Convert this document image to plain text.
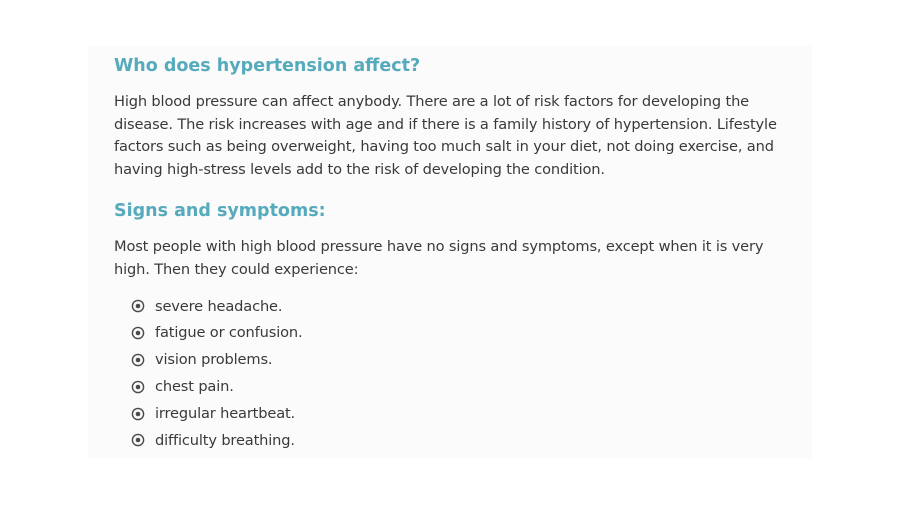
Who does hypertension affect?

High blood pressure can affect anybody. There are a lot of risk factors for developing the
disease. The risk increases with age and if there is a family history of hypertension. Lifestyle
factors such as being overweight, having too much salt in your diet, not doing exercise, and
having high-stress levels add to the risk of developing the condition.

Signs and symptoms:

Most people with high blood pressure have no signs and symptoms, except when it is very
high. Then they could experience:

severe headache.
fatigue or confusion.
vision problems.
chest pain.
irregular heartbeat.
difficulty breathing.
